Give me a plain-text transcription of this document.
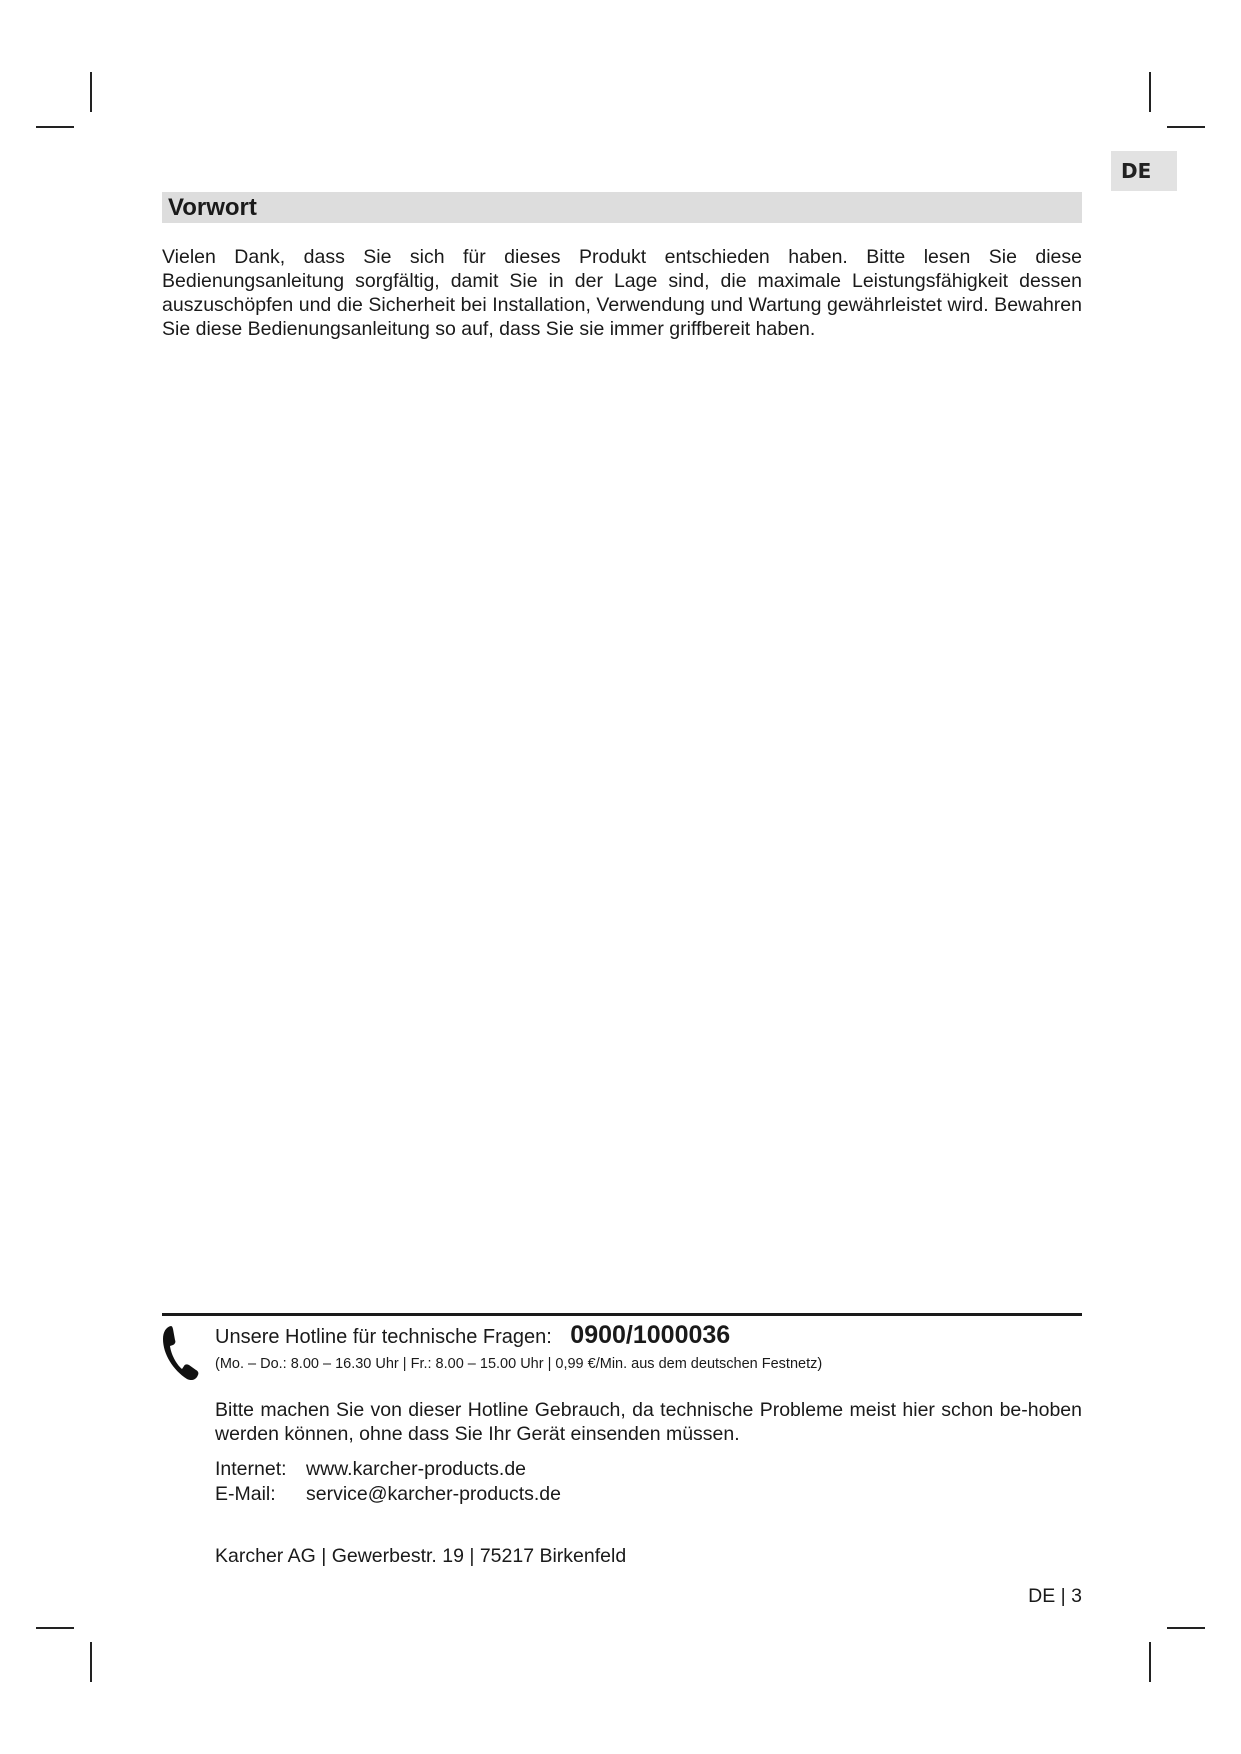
DE
Vorwort

Vielen Dank, dass Sie sich für dieses Produkt entschieden haben. Bitte lesen Sie diese Bedienungsanleitung sorgfältig, damit Sie in der Lage sind, die maximale Leistungsfähigkeit dessen auszuschöpfen und die Sicherheit bei Installation, Verwendung und Wartung gewährleistet wird. Bewahren Sie diese Bedienungsanleitung so auf, dass Sie sie immer griffbereit haben.

Unsere Hotline für technische Fragen: 0900/1000036
(Mo. – Do.: 8.00 – 16.30 Uhr | Fr.: 8.00 – 15.00 Uhr | 0,99 €/Min. aus dem deutschen Festnetz)

Bitte machen Sie von dieser Hotline Gebrauch, da technische Probleme meist hier schon be-hoben werden können, ohne dass Sie Ihr Gerät einsenden müssen.

Internet: www.karcher-products.de
E-Mail: service@karcher-products.de
Karcher AG | Gewerbestr. 19 | 75217 Birkenfeld
DE | 3
